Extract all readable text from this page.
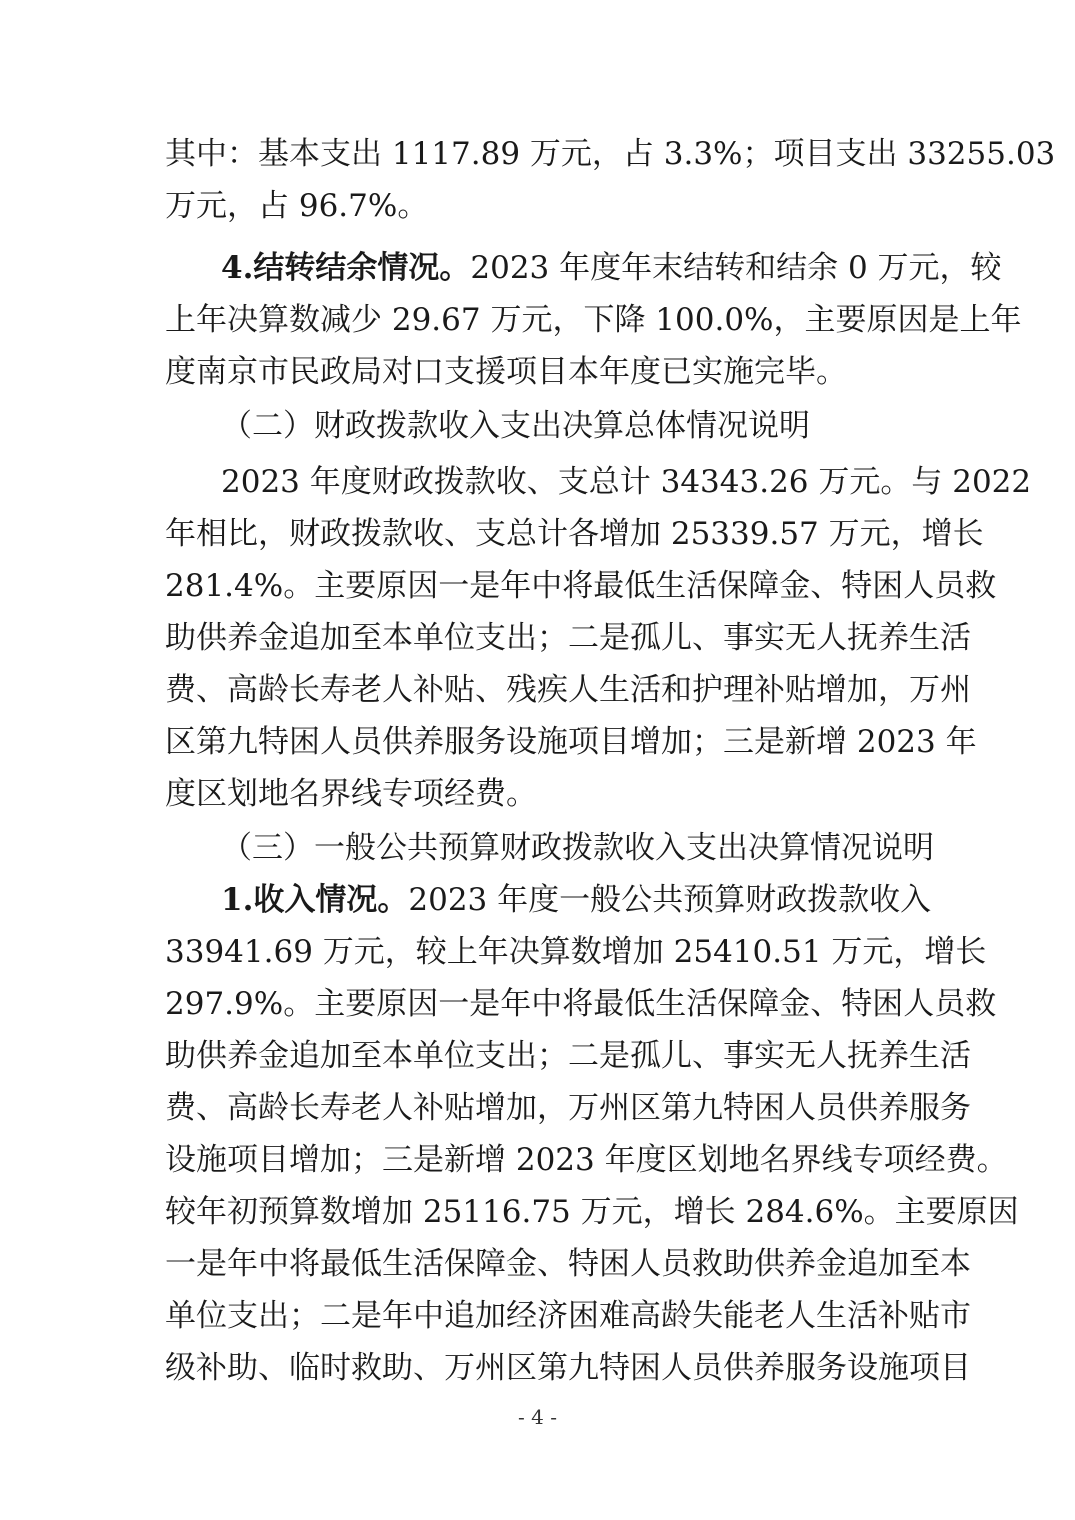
其中：基本支出 1117.89 万元，占 3.3%；项目支出 33255.03
万元，占 96.7%。
4.结转结余情况。2023 年度年末结转和结余 0 万元，较
上年决算数减少 29.67 万元，下降 100.0%，主要原因是上年
度南京市民政局对口支援项目本年度已实施完毕。
（二）财政拨款收入支出决算总体情况说明
2023 年度财政拨款收、支总计 34343.26 万元。与 2022
年相比，财政拨款收、支总计各增加 25339.57 万元，增长
281.4%。主要原因一是年中将最低生活保障金、特困人员救
助供养金追加至本单位支出；二是孤儿、事实无人抚养生活
费、高龄长寿老人补贴、残疾人生活和护理补贴增加，万州
区第九特困人员供养服务设施项目增加；三是新增 2023 年
度区划地名界线专项经费。
（三）一般公共预算财政拨款收入支出决算情况说明
1.收入情况。2023 年度一般公共预算财政拨款收入
33941.69 万元，较上年决算数增加 25410.51 万元，增长
297.9%。主要原因一是年中将最低生活保障金、特困人员救
助供养金追加至本单位支出；二是孤儿、事实无人抚养生活
费、高龄长寿老人补贴增加，万州区第九特困人员供养服务
设施项目增加；三是新增 2023 年度区划地名界线专项经费。
较年初预算数增加 25116.75 万元，增长 284.6%。主要原因
一是年中将最低生活保障金、特困人员救助供养金追加至本
单位支出；二是年中追加经济困难高龄失能老人生活补贴市
级补助、临时救助、万州区第九特困人员供养服务设施项目
- 4 -
